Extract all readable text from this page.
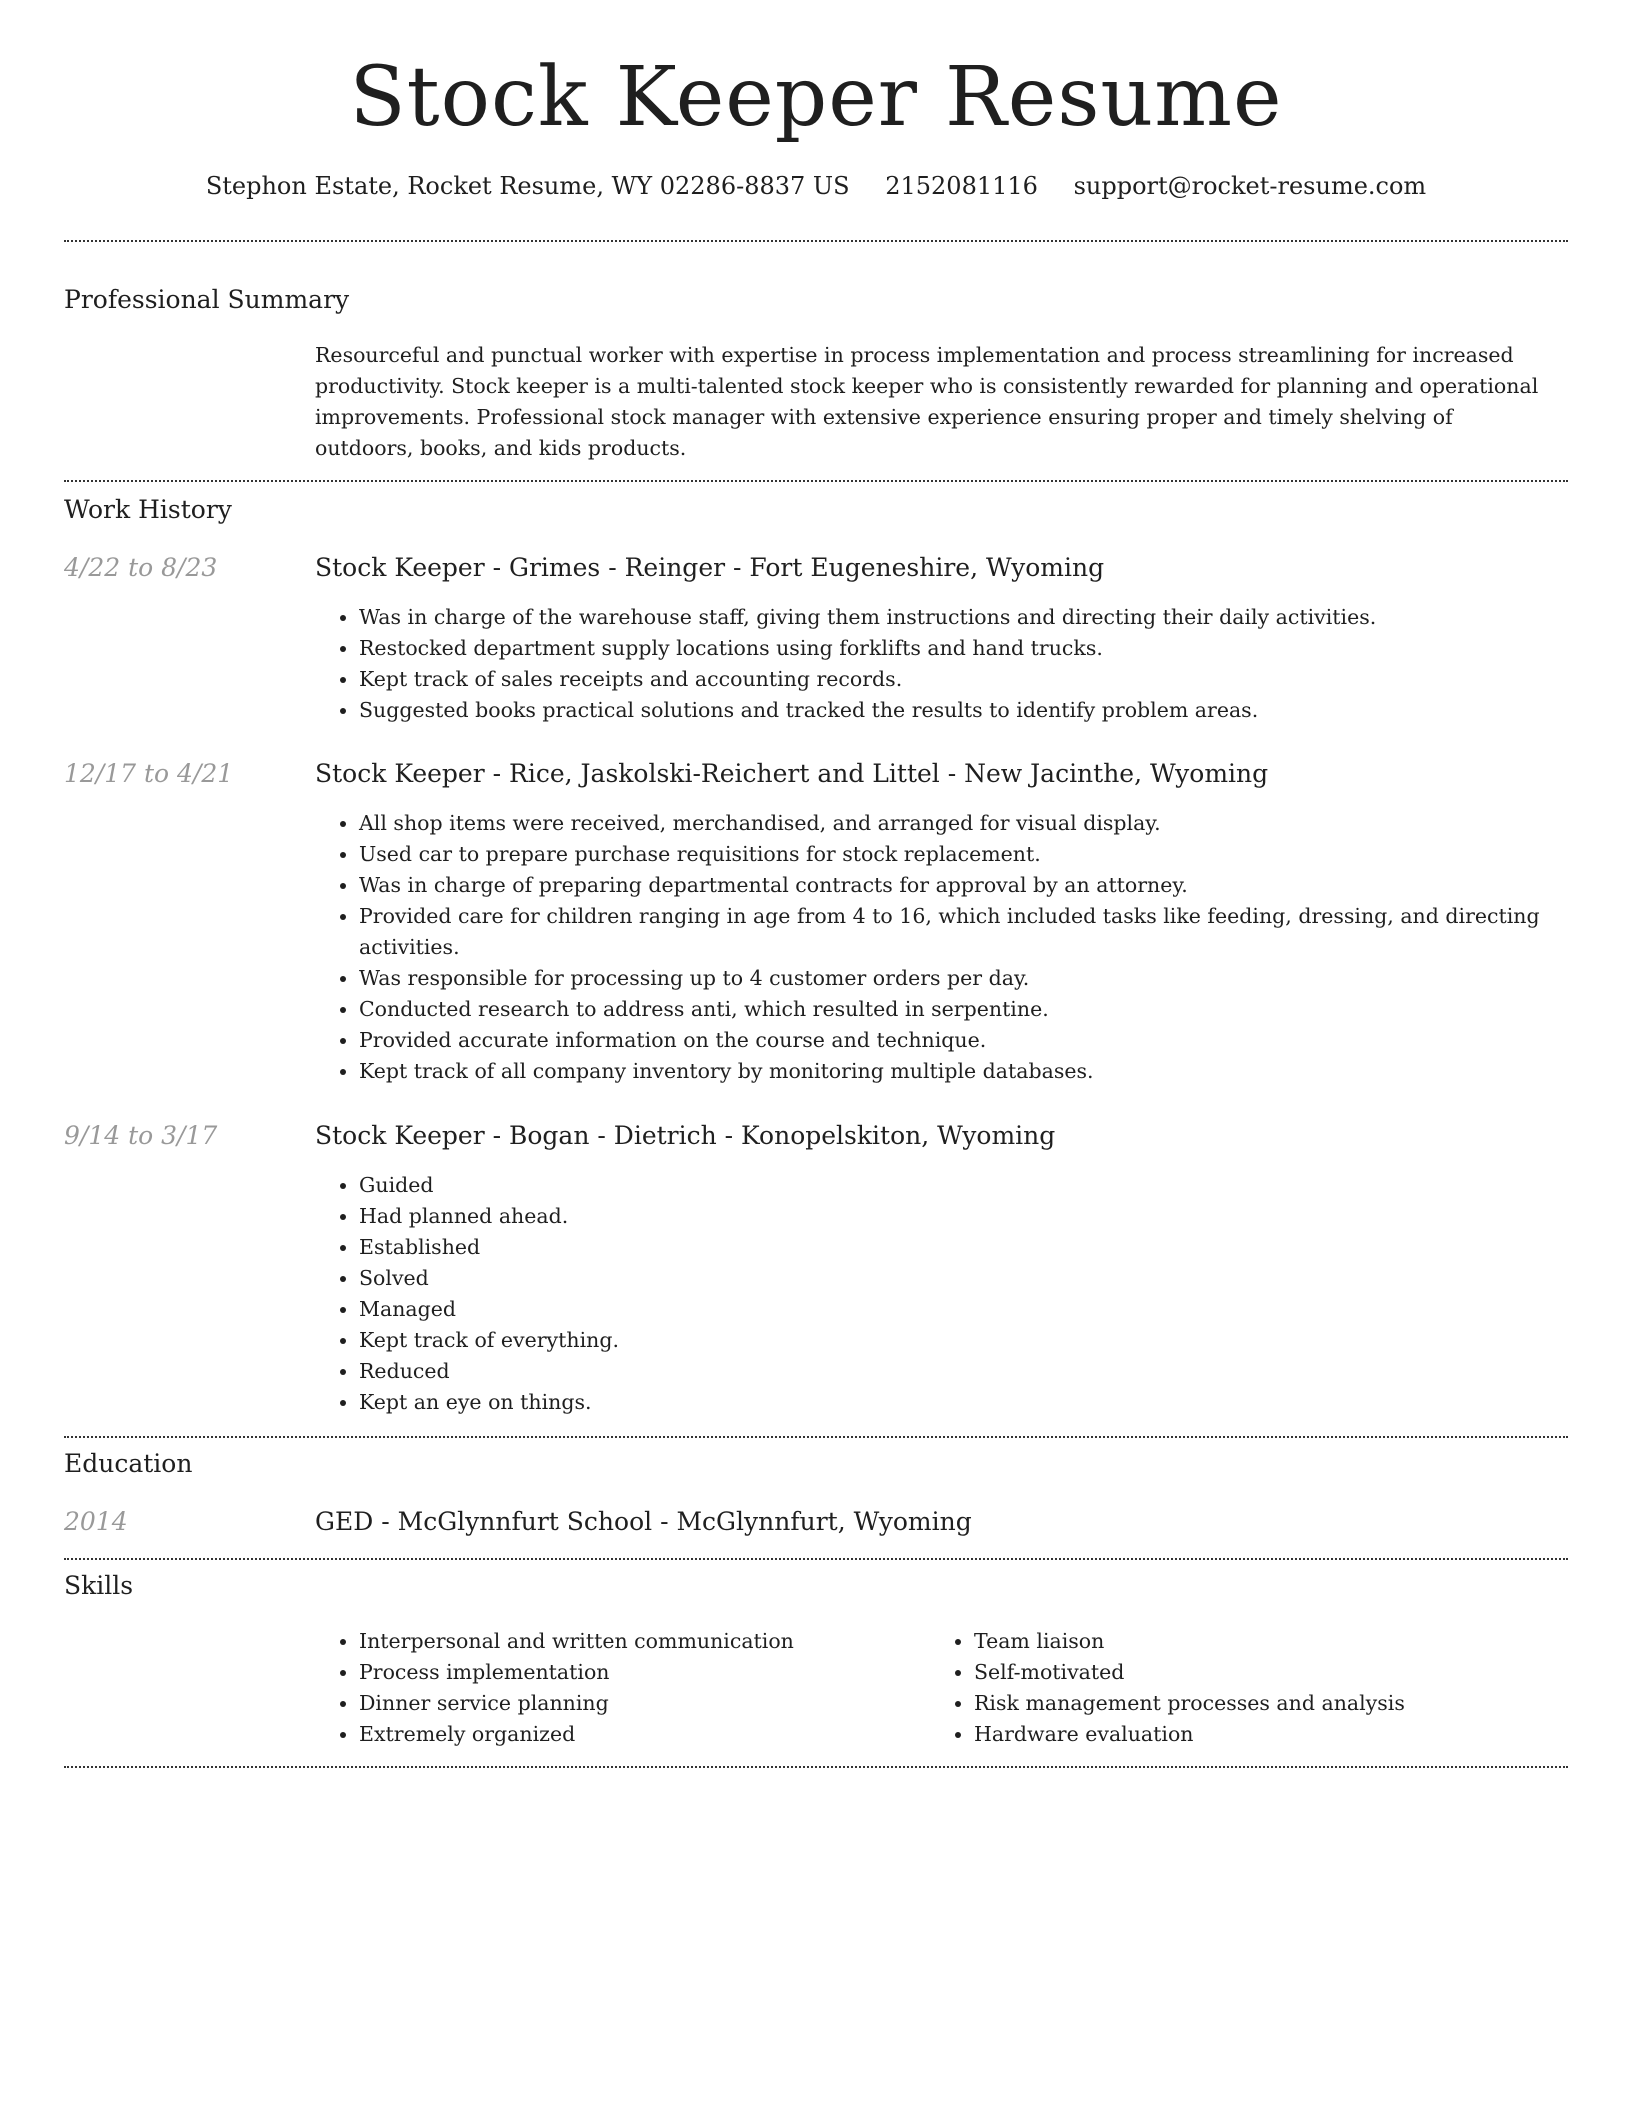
Stock Keeper Resume
Stephon Estate, Rocket Resume, WY 02286-8837 US 2152081116 support@rocket-resume.com
Professional Summary

Resourceful and punctual worker with expertise in process implementation and process streamlining for increased productivity. Stock keeper is a multi-talented stock keeper who is consistently rewarded for planning and operational improvements. Professional stock manager with extensive experience ensuring proper and timely shelving of outdoors, books, and kids products.

Work History
4/22 to 8/23	Stock Keeper - Grimes - Reinger - Fort Eugeneshire, Wyoming
• Was in charge of the warehouse staff, giving them instructions and directing their daily activities.
• Restocked department supply locations using forklifts and hand trucks.
• Kept track of sales receipts and accounting records.
• Suggested books practical solutions and tracked the results to identify problem areas.
12/17 to 4/21	Stock Keeper - Rice, Jaskolski-Reichert and Littel - New Jacinthe, Wyoming
• All shop items were received, merchandised, and arranged for visual display.
• Used car to prepare purchase requisitions for stock replacement.
• Was in charge of preparing departmental contracts for approval by an attorney.
• Provided care for children ranging in age from 4 to 16, which included tasks like feeding, dressing, and directing activities.
• Was responsible for processing up to 4 customer orders per day.
• Conducted research to address anti, which resulted in serpentine.
• Provided accurate information on the course and technique.
• Kept track of all company inventory by monitoring multiple databases.
9/14 to 3/17	Stock Keeper - Bogan - Dietrich - Konopelskiton, Wyoming
• Guided
• Had planned ahead.
• Established
• Solved
• Managed
• Kept track of everything.
• Reduced
• Kept an eye on things.
Education
2014	GED - McGlynnfurt School - McGlynnfurt, Wyoming
Skills
• Interpersonal and written communication
• Process implementation
• Dinner service planning
• Extremely organized
• Team liaison
• Self-motivated
• Risk management processes and analysis
• Hardware evaluation
